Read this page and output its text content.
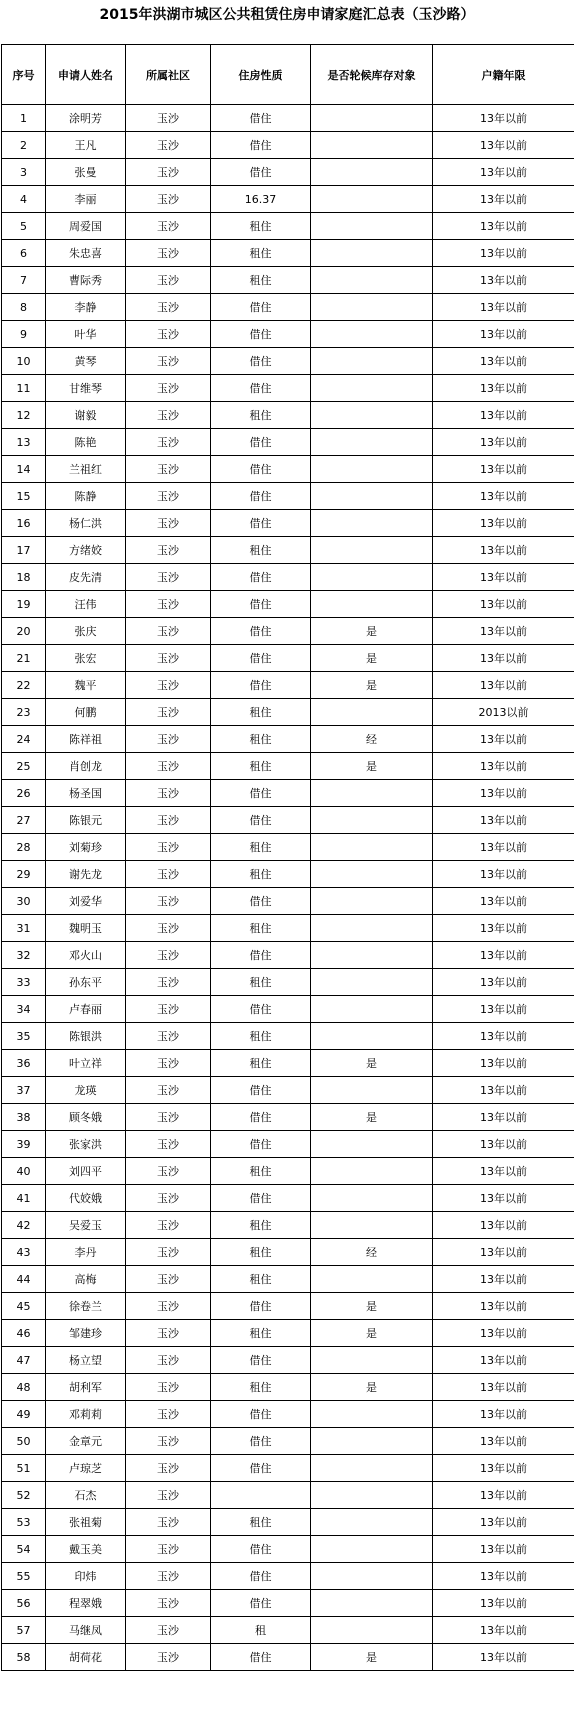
2015年洪湖市城区公共租赁住房申请家庭汇总表（玉沙路）
序号	申请人姓名	所属社区	住房性质	是否轮候库存对象	户籍年限
1	涂明芳	玉沙	借住		13年以前
2	王凡	玉沙	借住		13年以前
3	张曼	玉沙	借住		13年以前
4	李丽	玉沙	16.37		13年以前
5	周爱国	玉沙	租住		13年以前
6	朱忠喜	玉沙	租住		13年以前
7	曹际秀	玉沙	租住		13年以前
8	李静	玉沙	借住		13年以前
9	叶华	玉沙	借住		13年以前
10	黄琴	玉沙	借住		13年以前
11	甘维琴	玉沙	借住		13年以前
12	谢毅	玉沙	租住		13年以前
13	陈艳	玉沙	借住		13年以前
14	兰祖红	玉沙	借住		13年以前
15	陈静	玉沙	借住		13年以前
16	杨仁洪	玉沙	借住		13年以前
17	方绪姣	玉沙	租住		13年以前
18	皮先清	玉沙	借住		13年以前
19	汪伟	玉沙	借住		13年以前
20	张庆	玉沙	借住	是	13年以前
21	张宏	玉沙	借住	是	13年以前
22	魏平	玉沙	借住	是	13年以前
23	何鹏	玉沙	租住		2013以前
24	陈祥祖	玉沙	租住	经	13年以前
25	肖创龙	玉沙	租住	是	13年以前
26	杨圣国	玉沙	借住		13年以前
27	陈银元	玉沙	借住		13年以前
28	刘菊珍	玉沙	租住		13年以前
29	谢先龙	玉沙	租住		13年以前
30	刘爱华	玉沙	借住		13年以前
31	魏明玉	玉沙	租住		13年以前
32	邓火山	玉沙	借住		13年以前
33	孙东平	玉沙	租住		13年以前
34	卢春丽	玉沙	借住		13年以前
35	陈银洪	玉沙	租住		13年以前
36	叶立祥	玉沙	租住	是	13年以前
37	龙瑛	玉沙	借住		13年以前
38	顾冬娥	玉沙	借住	是	13年以前
39	张家洪	玉沙	借住		13年以前
40	刘四平	玉沙	租住		13年以前
41	代姣娥	玉沙	借住		13年以前
42	吴爱玉	玉沙	租住		13年以前
43	李丹	玉沙	租住	经	13年以前
44	高梅	玉沙	租住		13年以前
45	徐卷兰	玉沙	借住	是	13年以前
46	邹建珍	玉沙	租住	是	13年以前
47	杨立望	玉沙	借住		13年以前
48	胡利军	玉沙	租住	是	13年以前
49	邓莉莉	玉沙	借住		13年以前
50	金章元	玉沙	借住		13年以前
51	卢琼芝	玉沙	借住		13年以前
52	石杰	玉沙			13年以前
53	张祖菊	玉沙	租住		13年以前
54	戴玉美	玉沙	借住		13年以前
55	印炜	玉沙	借住		13年以前
56	程翠娥	玉沙	借住		13年以前
57	马继凤	玉沙	租		13年以前
58	胡荷花	玉沙	借住	是	13年以前
